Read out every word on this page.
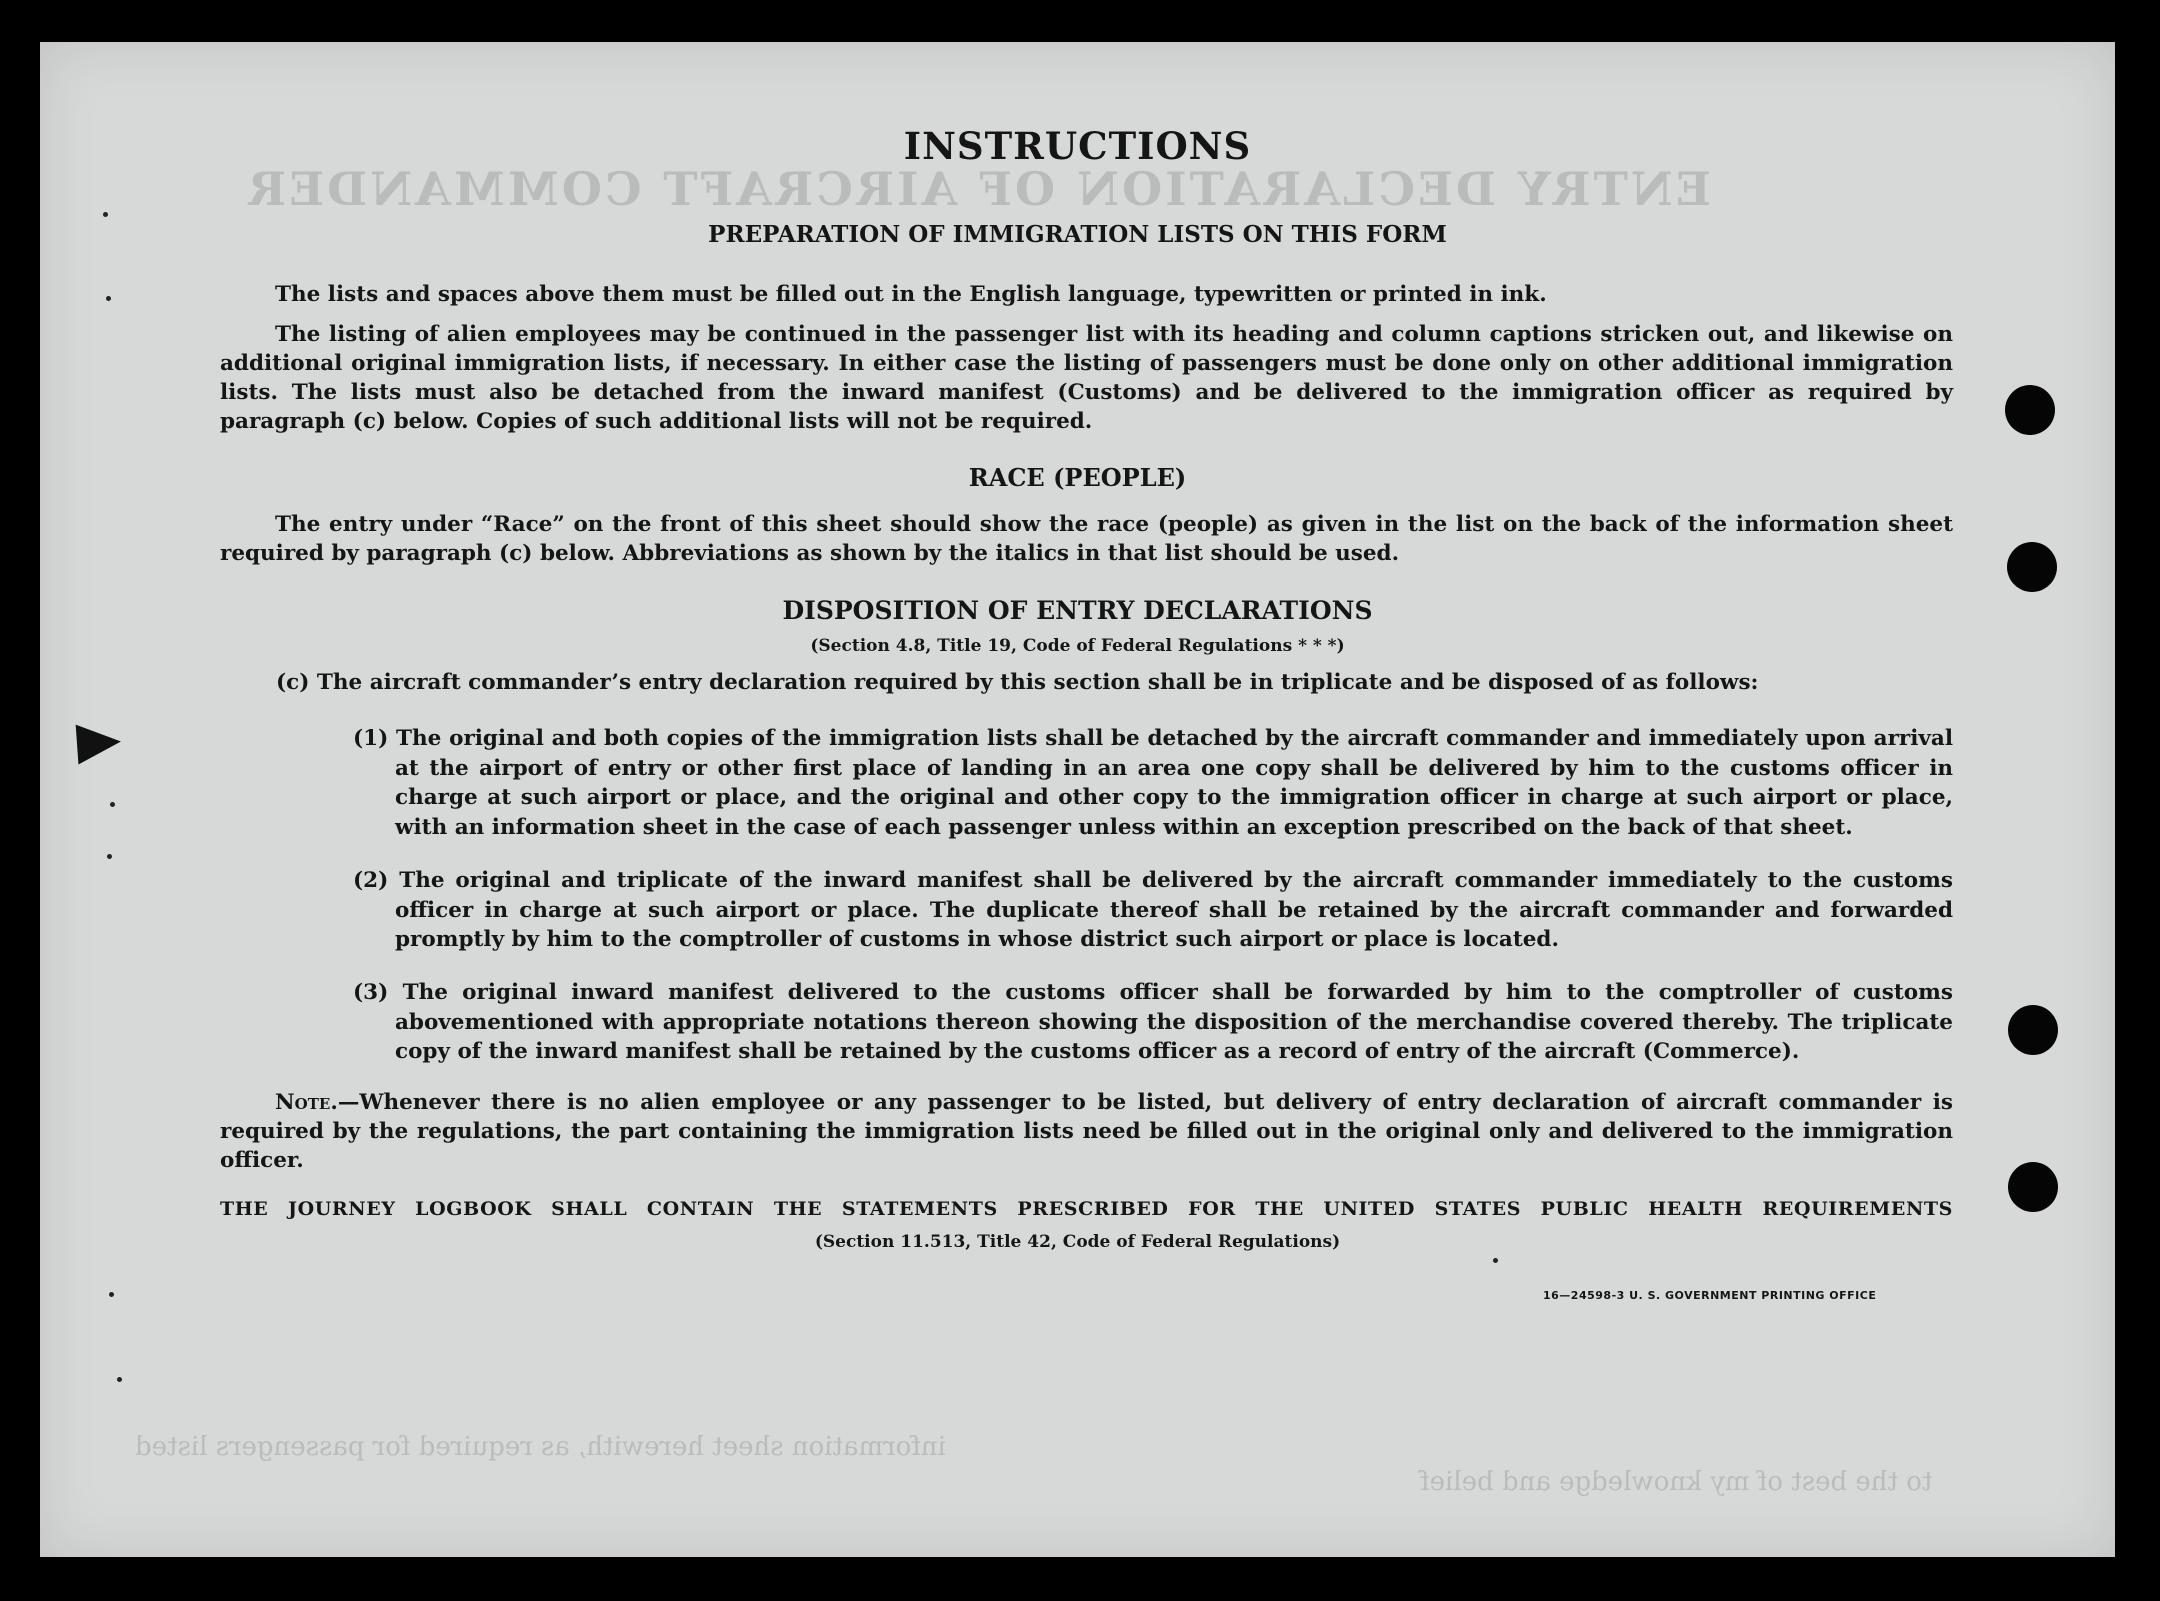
ENTRY DECLARATION OF AIRCRAFT COMMANDER
information sheet herewith, as required for passengers listed
to the best of my knowledge and belief
INSTRUCTIONS
PREPARATION OF IMMIGRATION LISTS ON THIS FORM

The lists and spaces above them must be filled out in the English language, typewritten or printed in ink.

The listing of alien employees may be continued in the passenger list with its heading and column captions stricken out, and likewise on additional original immigration lists, if necessary. In either case the listing of passengers must be done only on other additional immigration lists. The lists must also be detached from the inward manifest (Customs) and be delivered to the immigration officer as required by paragraph (c) below. Copies of such additional lists will not be required.

RACE (PEOPLE)

The entry under “Race” on the front of this sheet should show the race (people) as given in the list on the back of the information sheet required by paragraph (c) below. Abbreviations as shown by the italics in that list should be used.

DISPOSITION OF ENTRY DECLARATIONS
(Section 4.8, Title 19, Code of Federal Regulations * * *)

(c) The aircraft commander’s entry declaration required by this section shall be in triplicate and be disposed of as follows:

(1) The original and both copies of the immigration lists shall be detached by the aircraft commander and immediately upon arrival at the airport of entry or other first place of landing in an area one copy shall be delivered by him to the customs officer in charge at such airport or place, and the original and other copy to the immigration officer in charge at such airport or place, with an information sheet in the case of each passenger unless within an exception prescribed on the back of that sheet.

(2) The original and triplicate of the inward manifest shall be delivered by the aircraft commander immediately to the customs officer in charge at such airport or place. The duplicate thereof shall be retained by the aircraft commander and forwarded promptly by him to the comptroller of customs in whose district such airport or place is located.

(3) The original inward manifest delivered to the customs officer shall be forwarded by him to the comptroller of customs abovementioned with appropriate notations thereon showing the disposition of the merchandise covered thereby. The triplicate copy of the inward manifest shall be retained by the customs officer as a record of entry of the aircraft (Commerce).

Note.—Whenever there is no alien employee or any passenger to be listed, but delivery of entry declaration of aircraft commander is required by the regulations, the part containing the immigration lists need be filled out in the original only and delivered to the immigration officer.

THE JOURNEY LOGBOOK SHALL CONTAIN THE STATEMENTS PRESCRIBED FOR THE UNITED STATES PUBLIC HEALTH REQUIREMENTS
(Section 11.513, Title 42, Code of Federal Regulations)
16—24598-3 U. S. GOVERNMENT PRINTING OFFICE
